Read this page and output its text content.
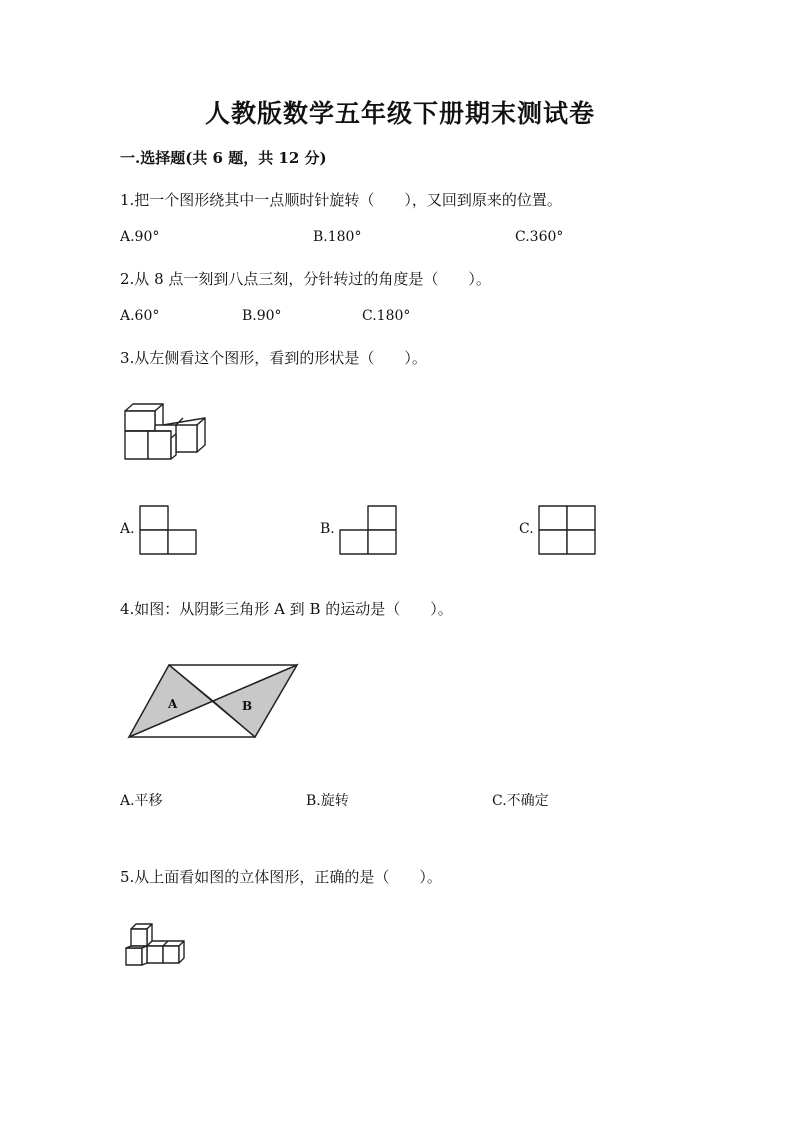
人教版数学五年级下册期末测试卷
一.选择题(共 6 题，共 12 分)
1.把一个图形绕其中一点顺时针旋转（　　），又回到原来的位置。
A.90°	B.180°	C.360°
2.从 8 点一刻到八点三刻，分针转过的角度是（　　）。
A.60°	B.90°	C.180°
3.从左侧看这个图形，看到的形状是（　　）。
A.	B.	C.
4.如图：从阴影三角形 A 到 B 的运动是（　　）。
A	B
A.平移	B.旋转	C.不确定
5.从上面看如图的立体图形，正确的是（　　）。
